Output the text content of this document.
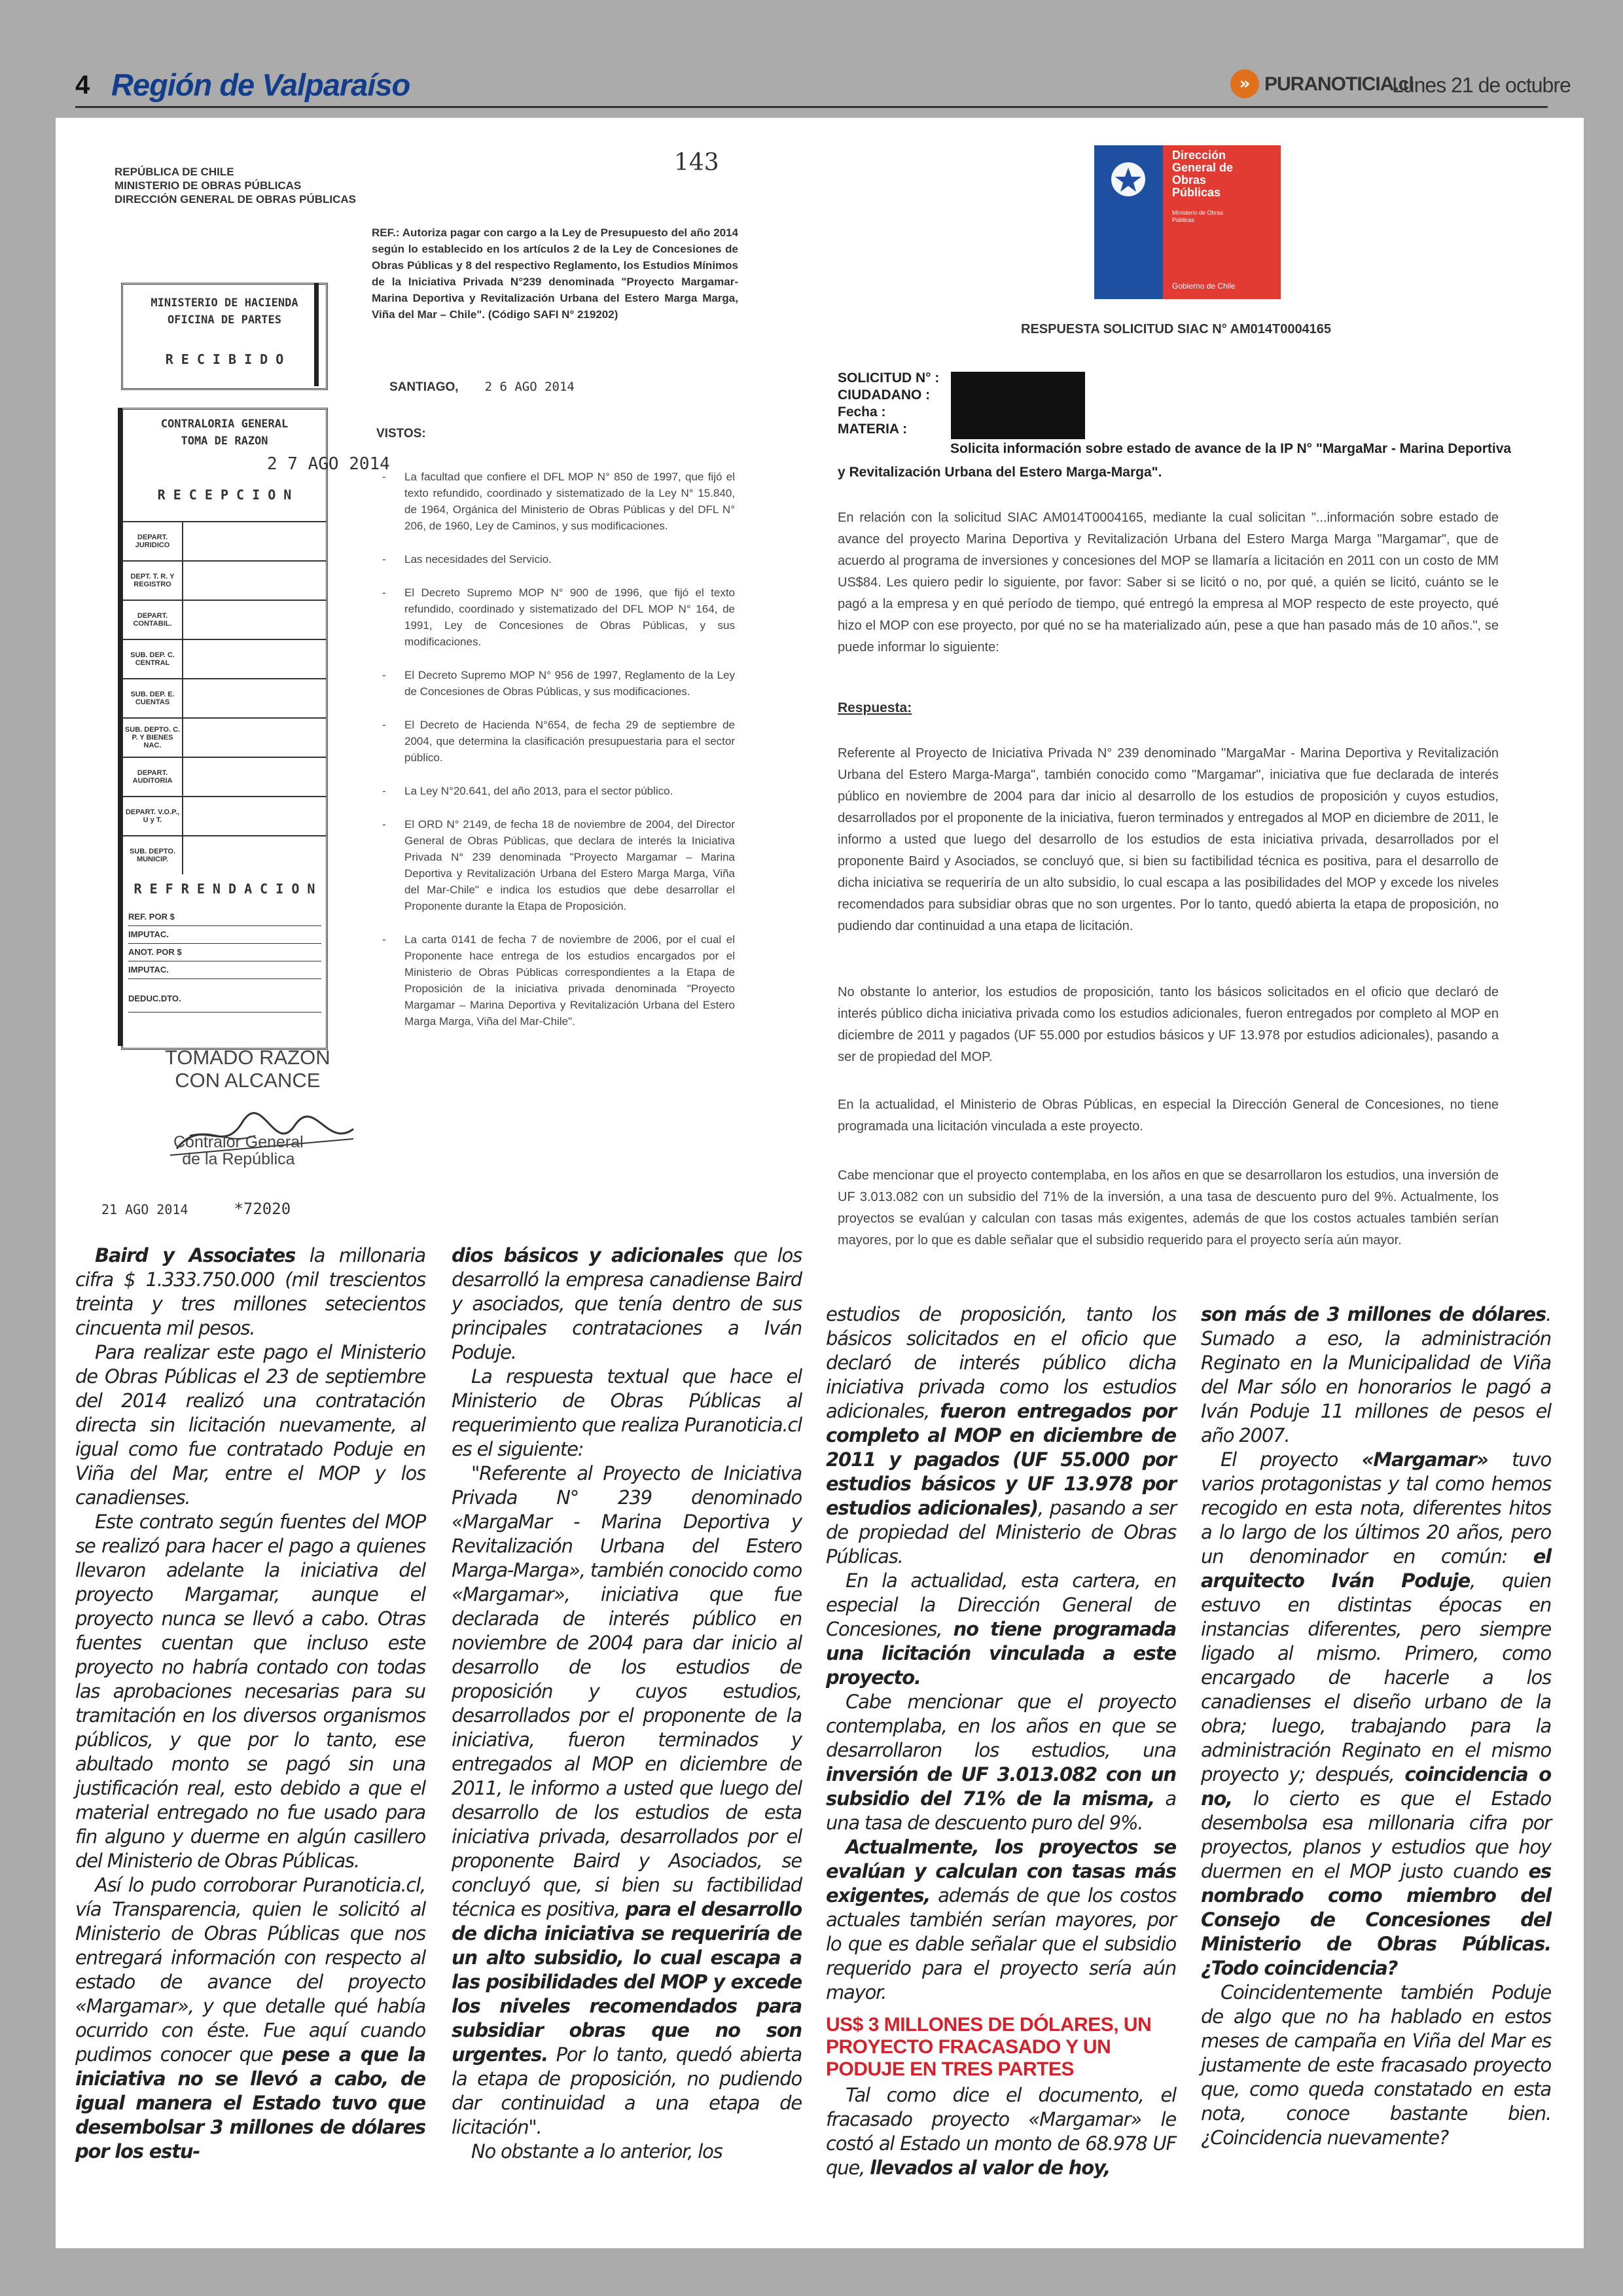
4 Región de Valparaíso	» PURANOTICIA.cl
Lunes 21 de octubre
REPÚBLICA DE CHILE
MINISTERIO DE OBRAS PÚBLICAS
DIRECCIÓN GENERAL DE OBRAS PÚBLICAS
143
REF.: Autoriza pagar con cargo a la Ley de Presupuesto del año 2014 según lo establecido en los artículos 2 de la Ley de Concesiones de Obras Públicas y 8 del respectivo Reglamento, los Estudios Mínimos de la Iniciativa Privada N°239 denominada "Proyecto Margamar-Marina Deportiva y Revitalización Urbana del Estero Marga Marga, Viña del Mar – Chile". (Código SAFI N° 219202)
MINISTERIO DE HACIENDA
OFICINA DE PARTES
R E C I B I D O
CONTRALORIA GENERAL
TOMA DE RAZON
2 7 AGO 2014
R E C E P C I O N
DEPART. JURIDICO
DEPT. T. R. Y REGISTRO
DEPART. CONTABIL.
SUB. DEP. C. CENTRAL
SUB. DEP. E. CUENTAS
SUB. DEPTO. C. P. Y BIENES NAC.
DEPART. AUDITORIA
DEPART. V.O.P., U y T.
SUB. DEPTO. MUNICIP.
R E F R E N D A C I O N
REF. POR $
IMPUTAC.
ANOT. POR $
IMPUTAC.
DEDUC.DTO.
SANTIAGO, 2 6 AGO 2014
VISTOS:

- La facultad que confiere el DFL MOP N° 850 de 1997, que fijó el texto refundido, coordinado y sistematizado de la Ley N° 15.840, de 1964, Orgánica del Ministerio de Obras Públicas y del DFL N° 206, de 1960, Ley de Caminos, y sus modificaciones.

- Las necesidades del Servicio.

- El Decreto Supremo MOP N° 900 de 1996, que fijó el texto refundido, coordinado y sistematizado del DFL MOP N° 164, de 1991, Ley de Concesiones de Obras Públicas, y sus modificaciones.

- El Decreto Supremo MOP N° 956 de 1997, Reglamento de la Ley de Concesiones de Obras Públicas, y sus modificaciones.

- El Decreto de Hacienda N°654, de fecha 29 de septiembre de 2004, que determina la clasificación presupuestaria para el sector público.

- La Ley N°20.641, del año 2013, para el sector público.

- El ORD N° 2149, de fecha 18 de noviembre de 2004, del Director General de Obras Públicas, que declara de interés la Iniciativa Privada N° 239 denominada "Proyecto Margamar – Marina Deportiva y Revitalización Urbana del Estero Marga Marga, Viña del Mar-Chile" e indica los estudios que debe desarrollar el Proponente durante la Etapa de Proposición.

- La carta 0141 de fecha 7 de noviembre de 2006, por el cual el Proponente hace entrega de los estudios encargados por el Ministerio de Obras Públicas correspondientes a la Etapa de Proposición de la iniciativa privada denominada "Proyecto Margamar – Marina Deportiva y Revitalización Urbana del Estero Marga Marga, Viña del Mar-Chile".

TOMADO RAZON
CON ALCANCE
Contralor General
de la República
21 AGO 2014	*72020
Dirección
General de
Obras
Públicas
Ministerio de Obras
Públicas
Gobierno de Chile
RESPUESTA SOLICITUD SIAC N° AM014T0004165
SOLICITUD N° :
CIUDADANO :
Fecha :
MATERIA :
Solicita información sobre estado de avance de la IP N° "MargaMar - Marina Deportiva
y Revitalización Urbana del Estero Marga-Marga".
En relación con la solicitud SIAC AM014T0004165, mediante la cual solicitan "...información sobre estado de avance del proyecto Marina Deportiva y Revitalización Urbana del Estero Marga Marga "Margamar", que de acuerdo al programa de inversiones y concesiones del MOP se llamaría a licitación en 2011 con un costo de MM US$84. Les quiero pedir lo siguiente, por favor: Saber si se licitó o no, por qué, a quién se licitó, cuánto se le pagó a la empresa y en qué período de tiempo, qué entregó la empresa al MOP respecto de este proyecto, qué hizo el MOP con ese proyecto, por qué no se ha materializado aún, pese a que han pasado más de 10 años.", se puede informar lo siguiente:
Respuesta:
Referente al Proyecto de Iniciativa Privada N° 239 denominado "MargaMar - Marina Deportiva y Revitalización Urbana del Estero Marga-Marga", también conocido como "Margamar", iniciativa que fue declarada de interés público en noviembre de 2004 para dar inicio al desarrollo de los estudios de proposición y cuyos estudios, desarrollados por el proponente de la iniciativa, fueron terminados y entregados al MOP en diciembre de 2011, le informo a usted que luego del desarrollo de los estudios de esta iniciativa privada, desarrollados por el proponente Baird y Asociados, se concluyó que, si bien su factibilidad técnica es positiva, para el desarrollo de dicha iniciativa se requeriría de un alto subsidio, lo cual escapa a las posibilidades del MOP y excede los niveles recomendados para subsidiar obras que no son urgentes. Por lo tanto, quedó abierta la etapa de proposición, no pudiendo dar continuidad a una etapa de licitación.
No obstante lo anterior, los estudios de proposición, tanto los básicos solicitados en el oficio que declaró de interés público dicha iniciativa privada como los estudios adicionales, fueron entregados por completo al MOP en diciembre de 2011 y pagados (UF 55.000 por estudios básicos y UF 13.978 por estudios adicionales), pasando a ser de propiedad del MOP.
En la actualidad, el Ministerio de Obras Públicas, en especial la Dirección General de Concesiones, no tiene programada una licitación vinculada a este proyecto.
Cabe mencionar que el proyecto contemplaba, en los años en que se desarrollaron los estudios, una inversión de UF 3.013.082 con un subsidio del 71% de la inversión, a una tasa de descuento puro del 9%. Actualmente, los proyectos se evalúan y calculan con tasas más exigentes, además de que los costos actuales también serían mayores, por lo que es dable señalar que el subsidio requerido para el proyecto sería aún mayor.

Baird y Associates la millonaria cifra $ 1.333.750.000 (mil trescientos treinta y tres millones setecientos cincuenta mil pesos.

Para realizar este pago el Ministerio de Obras Públicas el 23 de septiembre del 2014 realizó una contratación directa sin licitación nuevamente, al igual como fue contratado Poduje en Viña del Mar, entre el MOP y los canadienses.

Este contrato según fuentes del MOP se realizó para hacer el pago a quienes llevaron adelante la iniciativa del proyecto Margamar, aunque el proyecto nunca se llevó a cabo. Otras fuentes cuentan que incluso este proyecto no habría contado con todas las aprobaciones necesarias para su tramitación en los diversos organismos públicos, y que por lo tanto, ese abultado monto se pagó sin una justificación real, esto debido a que el material entregado no fue usado para fin alguno y duerme en algún casillero del Ministerio de Obras Públicas.

Así lo pudo corroborar Puranoticia.cl, vía Transparencia, quien le solicitó al Ministerio de Obras Públicas que nos entregará información con respecto al estado de avance del proyecto «Margamar», y que detalle qué había ocurrido con éste. Fue aquí cuando pudimos conocer que pese a que la iniciativa no se llevó a cabo, de igual manera el Estado tuvo que desembolsar 3 millones de dólares por los estu-

dios básicos y adicionales que los desarrolló la empresa canadiense Baird y asociados, que tenía dentro de sus principales contrataciones a Iván Poduje.

La respuesta textual que hace el Ministerio de Obras Públicas al requerimiento que realiza Puranoticia.cl es el siguiente:

"Referente al Proyecto de Iniciativa Privada N° 239 denominado «MargaMar - Marina Deportiva y Revitalización Urbana del Estero Marga-Marga», también conocido como «Margamar», iniciativa que fue declarada de interés público en noviembre de 2004 para dar inicio al desarrollo de los estudios de proposición y cuyos estudios, desarrollados por el proponente de la iniciativa, fueron terminados y entregados al MOP en diciembre de 2011, le informo a usted que luego del desarrollo de los estudios de esta iniciativa privada, desarrollados por el proponente Baird y Asociados, se concluyó que, si bien su factibilidad técnica es positiva, para el desarrollo de dicha iniciativa se requeriría de un alto subsidio, lo cual escapa a las posibilidades del MOP y excede los niveles recomendados para subsidiar obras que no son urgentes. Por lo tanto, quedó abierta la etapa de proposición, no pudiendo dar continuidad a una etapa de licitación".

No obstante a lo anterior, los

estudios de proposición, tanto los básicos solicitados en el oficio que declaró de interés público dicha iniciativa privada como los estudios adicionales, fueron entregados por completo al MOP en diciembre de 2011 y pagados (UF 55.000 por estudios básicos y UF 13.978 por estudios adicionales), pasando a ser de propiedad del Ministerio de Obras Públicas.

En la actualidad, esta cartera, en especial la Dirección General de Concesiones, no tiene programada una licitación vinculada a este proyecto.

Cabe mencionar que el proyecto contemplaba, en los años en que se desarrollaron los estudios, una inversión de UF 3.013.082 con un subsidio del 71% de la misma, a una tasa de descuento puro del 9%.

Actualmente, los proyectos se evalúan y calculan con tasas más exigentes, además de que los costos actuales también serían mayores, por lo que es dable señalar que el subsidio requerido para el proyecto sería aún mayor.

US$ 3 MILLONES DE DÓLARES, UN PROYECTO FRACASADO Y UN PODUJE EN TRES PARTES

Tal como dice el documento, el fracasado proyecto «Margamar» le costó al Estado un monto de 68.978 UF que, llevados al valor de hoy,

son más de 3 millones de dólares. Sumado a eso, la administración Reginato en la Municipalidad de Viña del Mar sólo en honorarios le pagó a Iván Poduje 11 millones de pesos el año 2007.

El proyecto «Margamar» tuvo varios protagonistas y tal como hemos recogido en esta nota, diferentes hitos a lo largo de los últimos 20 años, pero un denominador en común: el arquitecto Iván Poduje, quien estuvo en distintas épocas en instancias diferentes, pero siempre ligado al mismo. Primero, como encargado de hacerle a los canadienses el diseño urbano de la obra; luego, trabajando para la administración Reginato en el mismo proyecto y; después, coincidencia o no, lo cierto es que el Estado desembolsa esa millonaria cifra por proyectos, planos y estudios que hoy duermen en el MOP justo cuando es nombrado como miembro del Consejo de Concesiones del Ministerio de Obras Públicas. ¿Todo coincidencia?

Coincidentemente también Poduje de algo que no ha hablado en estos meses de campaña en Viña del Mar es justamente de este fracasado proyecto que, como queda constatado en esta nota, conoce bastante bien. ¿Coincidencia nuevamente?
